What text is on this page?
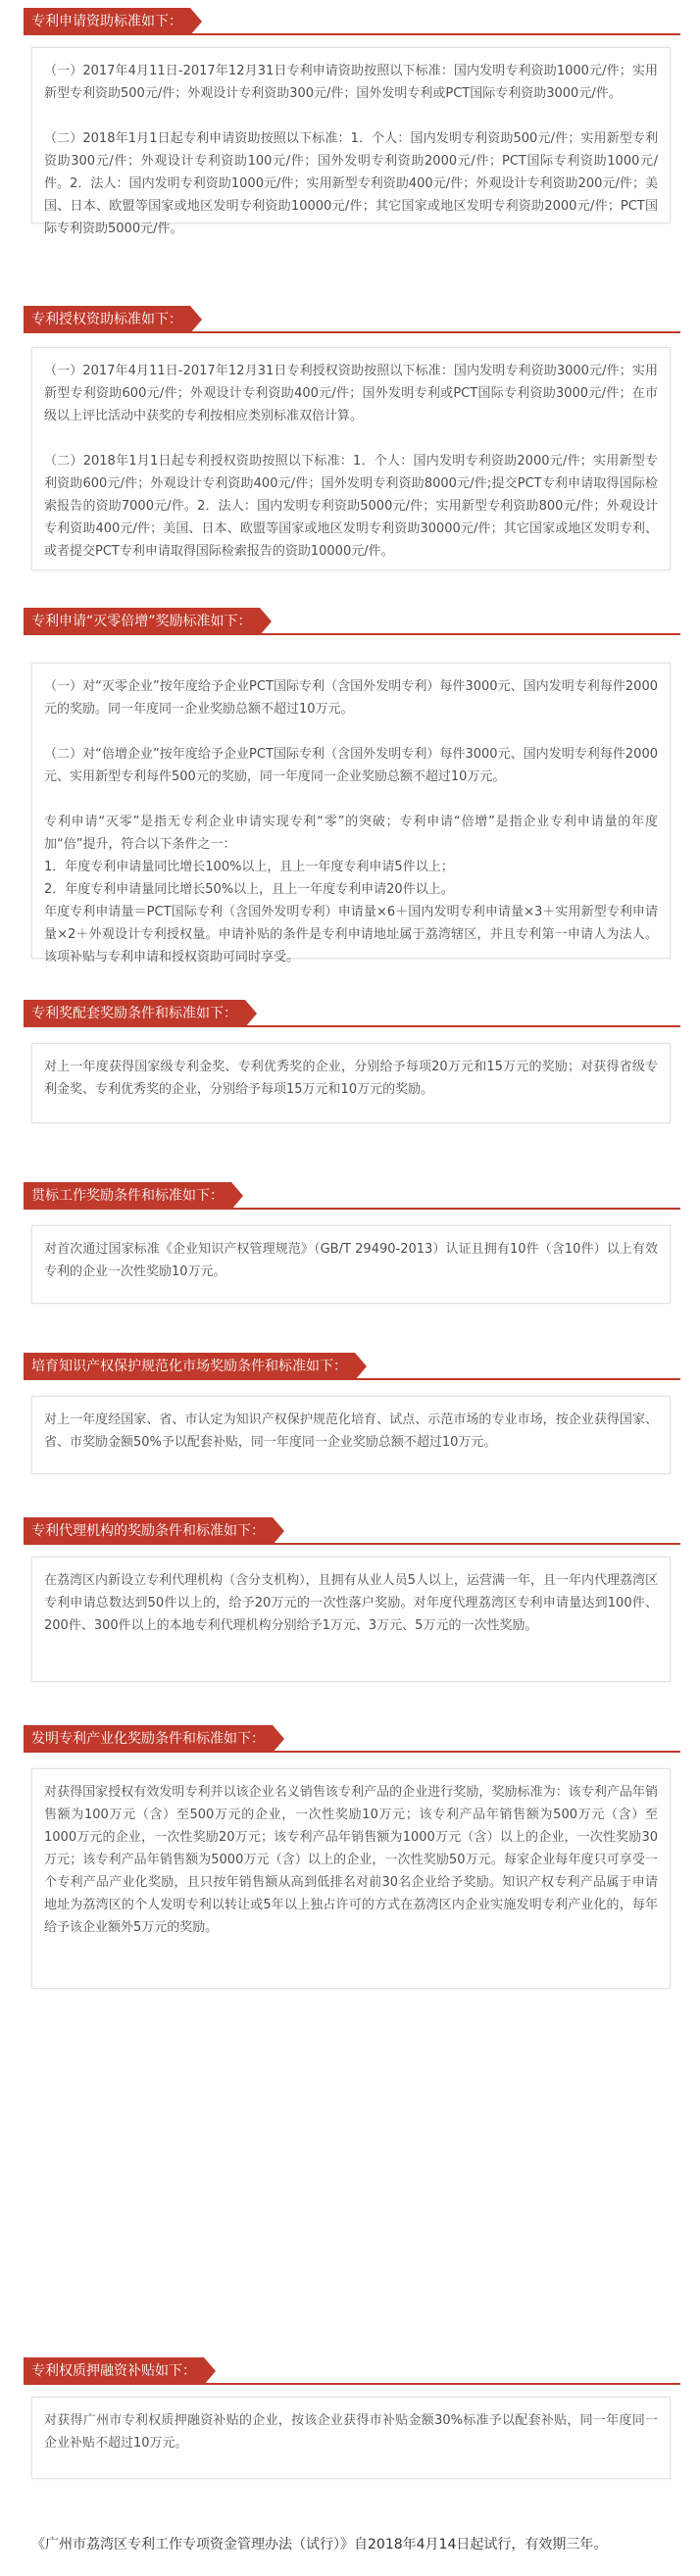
专利申请资助标准如下：

（一）2017年4月11日-2017年12月31日专利申请资助按照以下标准：国内发明专利资助1000元/件；实用新型专利资助500元/件；外观设计专利资助300元/件；国外发明专利或PCT国际专利资助3000元/件。

（二）2018年1月1日起专利申请资助按照以下标准：1．个人：国内发明专利资助500元/件；实用新型专利资助300元/件；外观设计专利资助100元/件；国外发明专利资助2000元/件；PCT国际专利资助1000元/件。2．法人：国内发明专利资助1000元/件；实用新型专利资助400元/件；外观设计专利资助200元/件；美国、日本、欧盟等国家或地区发明专利资助10000元/件；其它国家或地区发明专利资助2000元/件；PCT国际专利资助5000元/件。

专利授权资助标准如下：

（一）2017年4月11日-2017年12月31日专利授权资助按照以下标准：国内发明专利资助3000元/件；实用新型专利资助600元/件；外观设计专利资助400元/件；国外发明专利或PCT国际专利资助3000元/件；在市级以上评比活动中获奖的专利按相应类别标准双倍计算。

（二）2018年1月1日起专利授权资助按照以下标准：1．个人：国内发明专利资助2000元/件；实用新型专利资助600元/件；外观设计专利资助400元/件；国外发明专利资助8000元/件;提交PCT专利申请取得国际检索报告的资助7000元/件。2．法人：国内发明专利资助5000元/件；实用新型专利资助800元/件；外观设计专利资助400元/件；美国、日本、欧盟等国家或地区发明专利资助30000元/件；其它国家或地区发明专利、或者提交PCT专利申请取得国际检索报告的资助10000元/件。

专利申请“灭零倍增”奖励标准如下：

（一）对“灭零企业”按年度给予企业PCT国际专利（含国外发明专利）每件3000元、国内发明专利每件2000元的奖励。同一年度同一企业奖励总额不超过10万元。

（二）对“倍增企业”按年度给予企业PCT国际专利（含国外发明专利）每件3000元、国内发明专利每件2000元、实用新型专利每件500元的奖励，同一年度同一企业奖励总额不超过10万元。

专利申请“灭零”是指无专利企业申请实现专利“零”的突破；专利申请“倍增”是指企业专利申请量的年度加“倍”提升，符合以下条件之一：

1．年度专利申请量同比增长100%以上，且上一年度专利申请5件以上；

2．年度专利申请量同比增长50%以上，且上一年度专利申请20件以上。

年度专利申请量＝PCT国际专利（含国外发明专利）申请量×6＋国内发明专利申请量×3＋实用新型专利申请量×2＋外观设计专利授权量。申请补贴的条件是专利申请地址属于荔湾辖区，并且专利第一申请人为法人。该项补贴与专利申请和授权资助可同时享受。

专利奖配套奖励条件和标准如下：

对上一年度获得国家级专利金奖、专利优秀奖的企业，分别给予每项20万元和15万元的奖励；对获得省级专利金奖、专利优秀奖的企业，分别给予每项15万元和10万元的奖励。

贯标工作奖励条件和标准如下：

对首次通过国家标准《企业知识产权管理规范》（GB/T 29490-2013）认证且拥有10件（含10件）以上有效专利的企业一次性奖励10万元。

培育知识产权保护规范化市场奖励条件和标准如下：

对上一年度经国家、省、市认定为知识产权保护规范化培育、试点、示范市场的专业市场，按企业获得国家、省、市奖励金额50%予以配套补贴，同一年度同一企业奖励总额不超过10万元。

专利代理机构的奖励条件和标准如下：

在荔湾区内新设立专利代理机构（含分支机构），且拥有从业人员5人以上，运营满一年，且一年内代理荔湾区专利申请总数达到50件以上的，给予20万元的一次性落户奖励。对年度代理荔湾区专利申请量达到100件、200件、300件以上的本地专利代理机构分别给予1万元、3万元、5万元的一次性奖励。

发明专利产业化奖励条件和标准如下：

对获得国家授权有效发明专利并以该企业名义销售该专利产品的企业进行奖励，奖励标准为：该专利产品年销售额为100万元（含）至500万元的企业，一次性奖励10万元；该专利产品年销售额为500万元（含）至1000万元的企业，一次性奖励20万元；该专利产品年销售额为1000万元（含）以上的企业，一次性奖励30万元；该专利产品年销售额为5000万元（含）以上的企业，一次性奖励50万元。每家企业每年度只可享受一个专利产品产业化奖励，且只按年销售额从高到低排名对前30名企业给予奖励。知识产权专利产品属于申请地址为荔湾区的个人发明专利以转让或5年以上独占许可的方式在荔湾区内企业实施发明专利产业化的，每年给予该企业额外5万元的奖励。

专利权质押融资补贴如下：

对获得广州市专利权质押融资补贴的企业，按该企业获得市补贴金额30%标准予以配套补贴，同一年度同一企业补贴不超过10万元。

《广州市荔湾区专利工作专项资金管理办法（试行）》自2018年4月14日起试行，有效期三年。
